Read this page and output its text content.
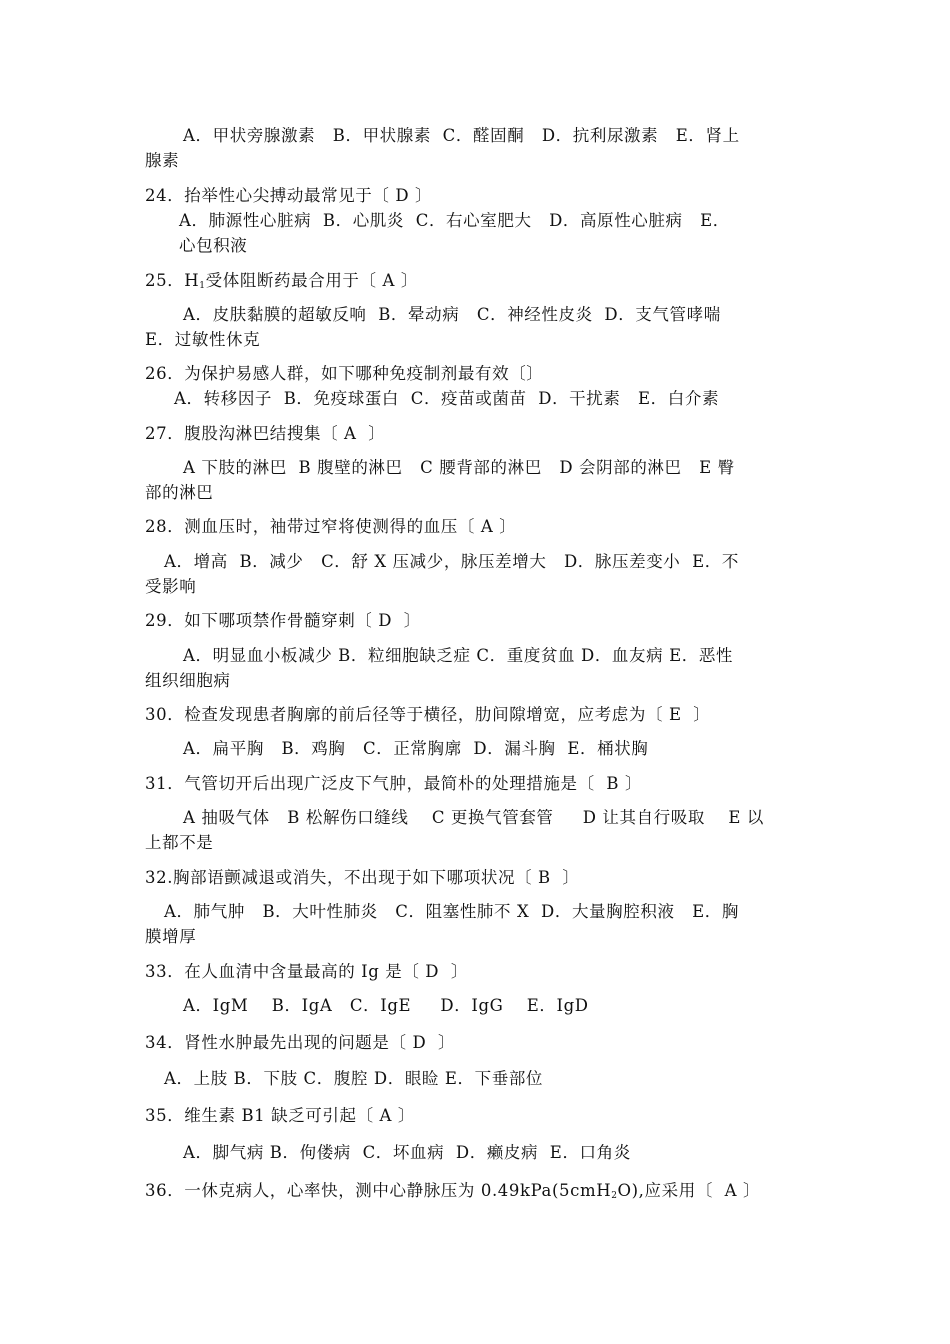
A．甲状旁腺激素   B．甲状腺素  C．醛固酮   D．抗利尿激素   E．肾上
腺素
24．抬举性心尖搏动最常见于〔 D 〕
A．肺源性心脏病  B．心肌炎  C．右心室肥大   D．高原性心脏病   E．
心包积液
25．$H_1$受体阻断药最合用于〔 A 〕
A．皮肤黏膜的超敏反响  B．晕动病   C．神经性皮炎  D．支气管哮喘
E．过敏性休克
26．为保护易感人群，如下哪种免疫制剂最有效〔〕
A．转移因子  B．免疫球蛋白  C．疫苗或菌苗  D．干扰素   E．白介素
27．腹股沟淋巴结搜集〔 A  〕
A 下肢的淋巴  B 腹壁的淋巴   C 腰背部的淋巴   D 会阴部的淋巴   E 臀
部的淋巴
28．测血压时，袖带过窄将使测得的血压〔 A 〕
A．增高  B．减少   C．舒 X 压减少，脉压差增大   D．脉压差变小  E．不
受影响
29．如下哪项禁作骨髓穿刺〔 D  〕
A．明显血小板减少 B．粒细胞缺乏症 C．重度贫血 D．血友病 E．恶性
组织细胞病
30．检查发现患者胸廓的前后径等于横径，肋间隙增宽，应考虑为〔 E  〕
A．扁平胸   B．鸡胸   C．正常胸廓  D．漏斗胸  E．桶状胸
31．气管切开后出现广泛皮下气肿，最简朴的处理措施是〔  B 〕
A 抽吸气体   B 松解伤口缝线    C 更换气管套管     D 让其自行吸取    E 以
上都不是
32.胸部语颤减退或消失，不出现于如下哪项状况〔 B  〕
A．肺气肿   B．大叶性肺炎   C．阻塞性肺不 X  D．大量胸腔积液   E．胸
膜增厚
33．在人血清中含量最高的 Ig 是〔 D  〕
A．IgM    B．IgA   C．IgE     D．IgG    E．IgD
34．肾性水肿最先出现的问题是〔 D  〕
A．上肢 B．下肢 C．腹腔 D．眼睑 E．下垂部位
35．维生素 B1 缺乏可引起〔 A 〕
A．脚气病 B．佝偻病  C．坏血病  D．癞皮病  E．口角炎
36．一休克病人，心率快，测中心静脉压为 0.49kPa(5cmH$_2$O),应采用〔  A 〕
